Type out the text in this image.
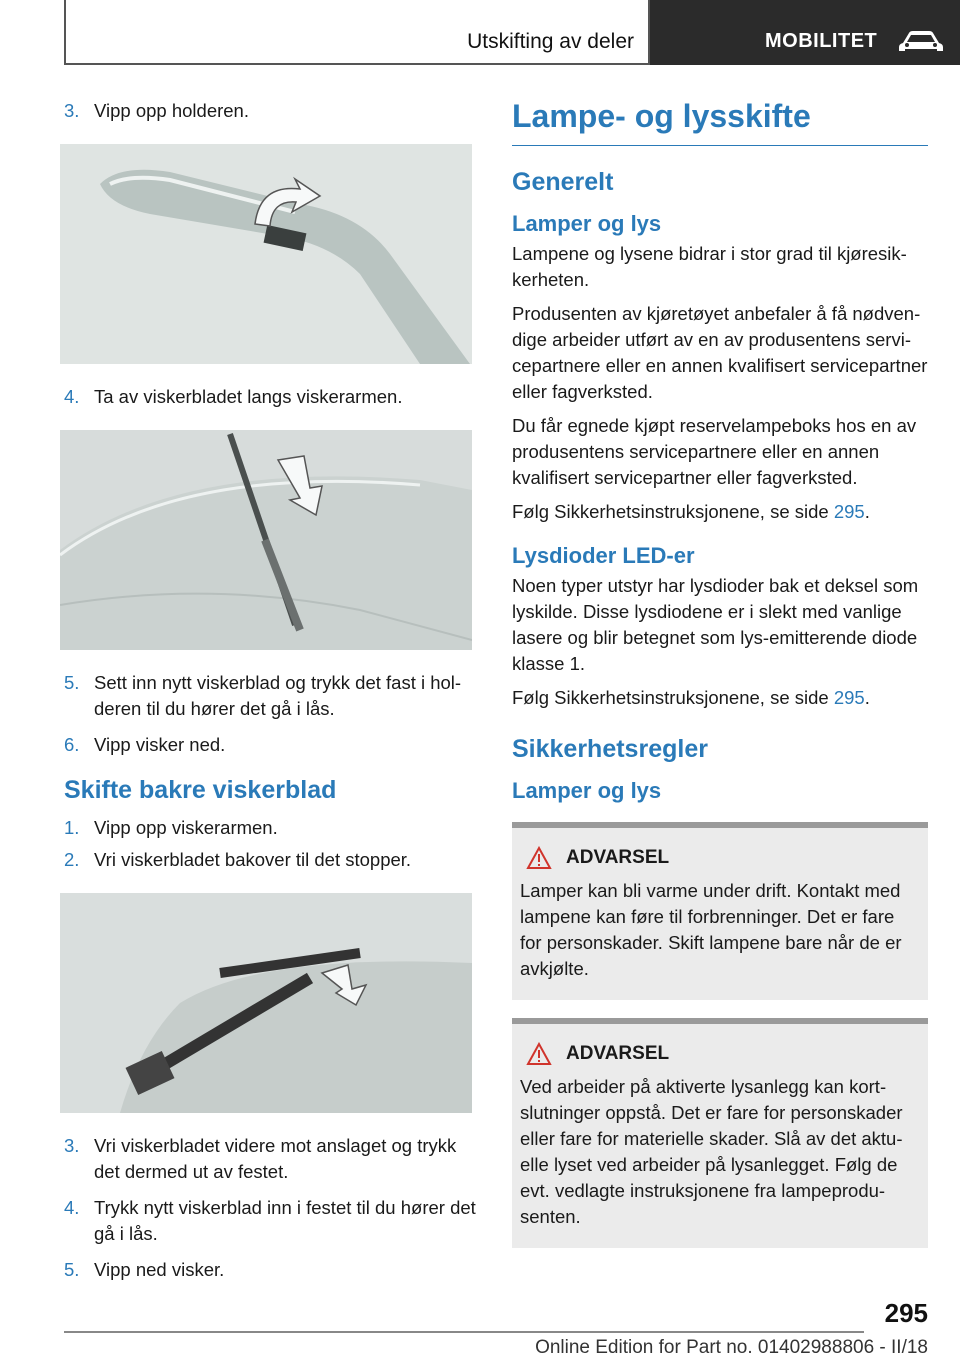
Utskifting av deler	MOBILITET
3. Vipp opp holderen.
4. Ta av viskerbladet langs viskerarmen.
5. Sett inn nytt viskerblad og trykk det fast i holderen til du hører det gå i lås.
6. Vipp visker ned.
Skifte bakre viskerblad
1. Vipp opp viskerarmen.
2. Vri viskerbladet bakover til det stopper.
3. Vri viskerbladet videre mot anslaget og trykk det dermed ut av festet.
4. Trykk nytt viskerblad inn i festet til du hører det gå i lås.
5. Vipp ned visker.
Lampe- og lysskifte
Generelt
Lamper og lys

Lampene og lysene bidrar i stor grad til kjøresikkerheten.

Produsenten av kjøretøyet anbefaler å få nødvendige arbeider utført av en av produsentens servicepartnere eller en annen kvalifisert servicepartner eller fagverksted.

Du får egnede kjøpt reservelampeboks hos en av produsentens servicepartnere eller en annen kvalifisert servicepartner eller fagverksted.

Følg Sikkerhetsinstruksjonene, se side 295.

Lysdioder LED-er

Noen typer utstyr har lysdioder bak et deksel som lyskilde. Disse lysdiodene er i slekt med vanlige lasere og blir betegnet som lys-emitterende diode klasse 1.

Følg Sikkerhetsinstruksjonene, se side 295.

Sikkerhetsregler
Lamper og lys
ADVARSEL

Lamper kan bli varme under drift. Kontakt med lampene kan føre til forbrenninger. Det er fare for personskader. Skift lampene bare når de er avkjølte.

ADVARSEL

Ved arbeider på aktiverte lysanlegg kan kortslutninger oppstå. Det er fare for personskader eller fare for materielle skader. Slå av det aktuelle lyset ved arbeider på lysanlegget. Følg de evt. vedlagte instruksjonene fra lampeprodusenten.

295
Online Edition for Part no. 01402988806 - II/18
